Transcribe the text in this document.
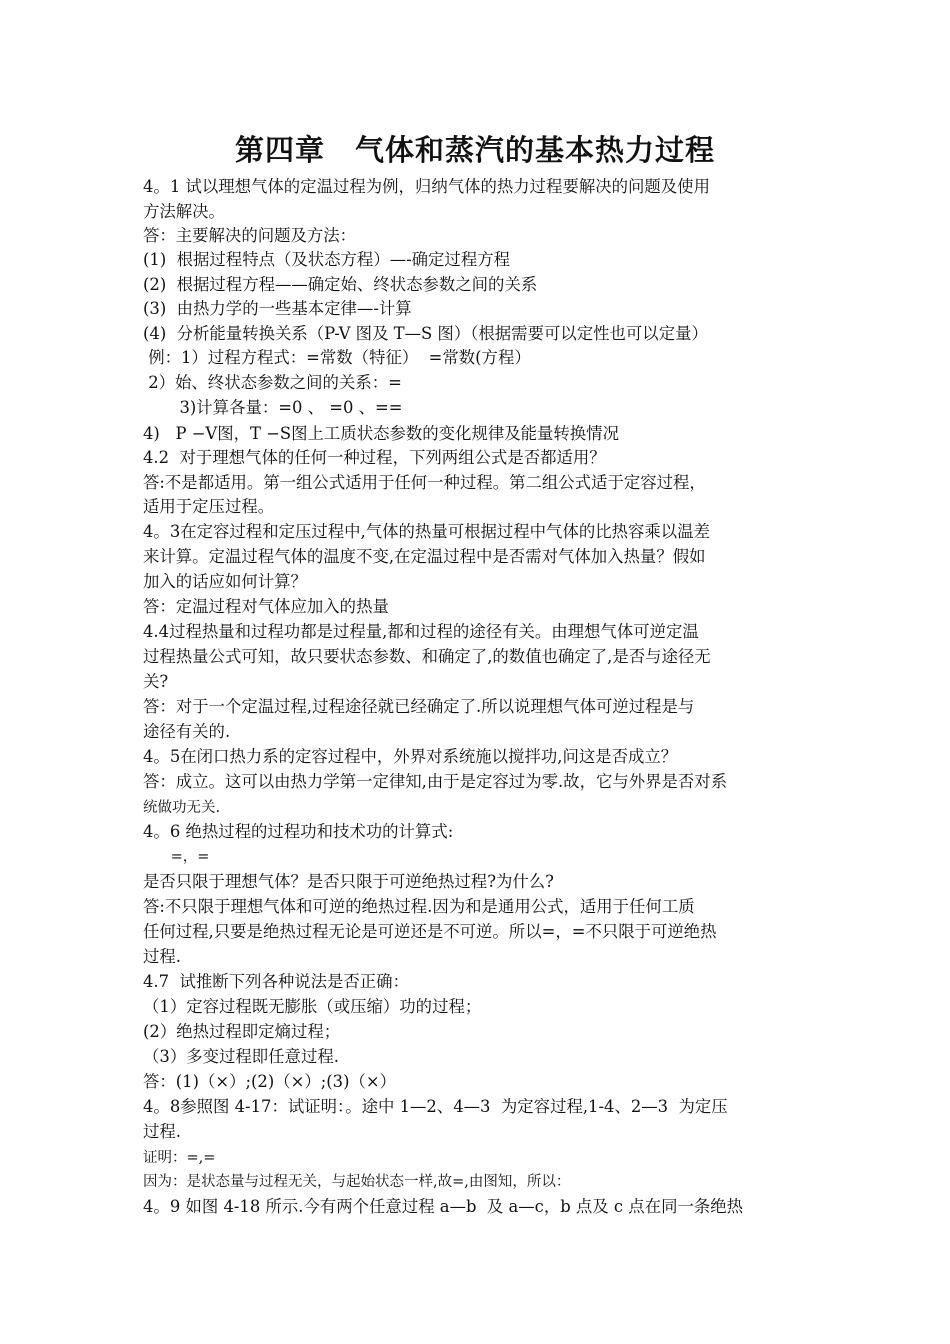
第四章　气体和蒸汽的基本热力过程
4。1 试以理想气体的定温过程为例，归纳气体的热力过程要解决的问题及使用
方法解决。
答：主要解决的问题及方法：
(1)  根据过程特点（及状态方程）—-确定过程方程
(2)  根据过程方程——确定始、终状态参数之间的关系
(3)  由热力学的一些基本定律—-计算
(4)  分析能量转换关系（P-V 图及 T—S 图）（根据需要可以定性也可以定量）
例：1）过程方程式：=常数（特征）  =常数(方程）
2）始、终状态参数之间的关系：=
3)计算各量：=0 、 =0 、==
4)   P −V图，T −S图上工质状态参数的变化规律及能量转换情况
4.2  对于理想气体的任何一种过程，下列两组公式是否都适用？
答:不是都适用。第一组公式适用于任何一种过程。第二组公式适于定容过程，
适用于定压过程。
4。3在定容过程和定压过程中,气体的热量可根据过程中气体的比热容乘以温差
来计算。定温过程气体的温度不变,在定温过程中是否需对气体加入热量？假如
加入的话应如何计算？
答：定温过程对气体应加入的热量
4.4过程热量和过程功都是过程量,都和过程的途径有关。由理想气体可逆定温
过程热量公式可知，故只要状态参数、和确定了,的数值也确定了,是否与途径无
关?
答：对于一个定温过程,过程途径就已经确定了.所以说理想气体可逆过程是与
途径有关的.
4。5在闭口热力系的定容过程中，外界对系统施以搅拌功,问这是否成立？
答：成立。这可以由热力学第一定律知,由于是定容过为零.故，它与外界是否对系
统做功无关.
4。6 绝热过程的过程功和技术功的计算式:
=，=
是否只限于理想气体？是否只限于可逆绝热过程?为什么?
答:不只限于理想气体和可逆的绝热过程.因为和是通用公式，适用于任何工质
任何过程,只要是绝热过程无论是可逆还是不可逆。所以=，=不只限于可逆绝热
过程.
4.7  试推断下列各种说法是否正确：
（1）定容过程既无膨胀（或压缩）功的过程；
(2）绝热过程即定熵过程；
（3）多变过程即任意过程.
答：(1)（×）;(2)（×）;(3)（×）
4。8参照图 4-17：试证明：。途中 1—2、4—3  为定容过程,1-4、2—3  为定压
过程.
证明：=,=
因为：是状态量与过程无关，与起始状态一样,故=,由图知，所以：
4。9 如图 4-18 所示.今有两个任意过程 a—b  及 a—c，b 点及 c 点在同一条绝热
